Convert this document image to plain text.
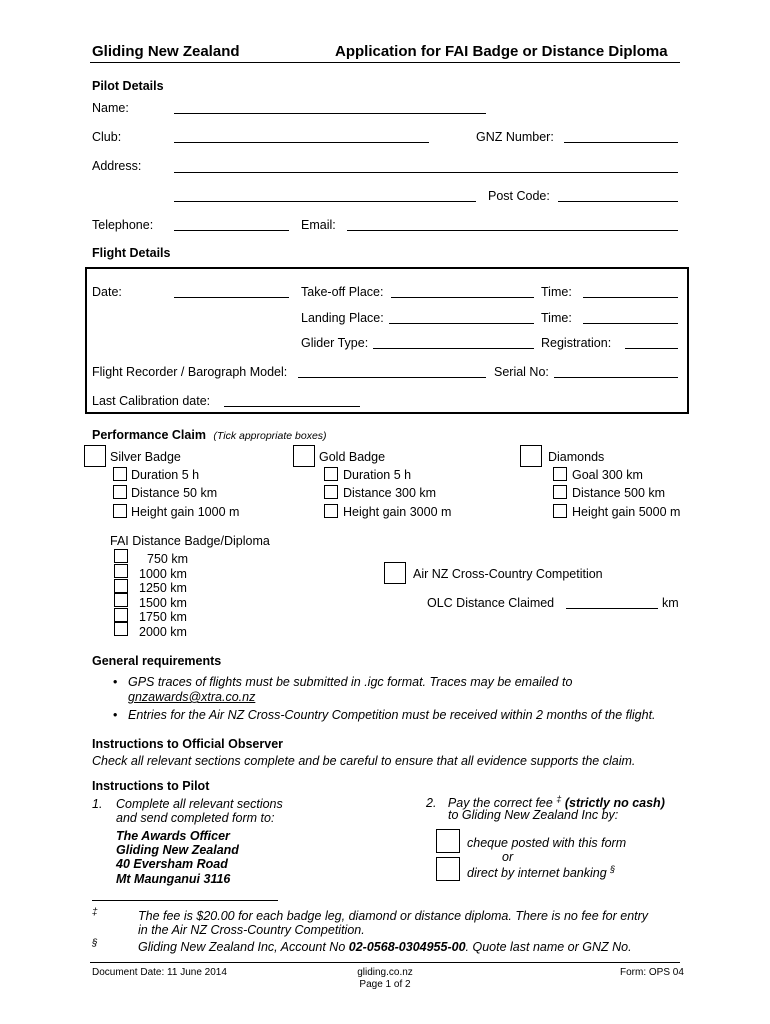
Gliding New Zealand	Application for FAI Badge or Distance Diploma
Pilot Details
Name:
Club:	GNZ Number:
Address:
Post Code:
Telephone:	Email:
Flight Details
Date:	Take-off Place:	Time:
Landing Place:	Time:
Glider Type:	Registration:
Flight Recorder / Barograph Model:	Serial No:
Last Calibration date:
Performance Claim (Tick appropriate boxes)
Silver Badge
Duration 5 h
Distance 50 km
Height gain 1000 m
Gold Badge
Duration 5 h
Distance 300 km
Height gain 3000 m
Diamonds
Goal 300 km
Distance 500 km
Height gain 5000 m
FAI Distance Badge/Diploma
750 km
1000 km
1250 km
1500 km
1750 km
2000 km
Air NZ Cross-Country Competition
OLC Distance Claimed	km
General requirements
• GPS traces of flights must be submitted in .igc format. Traces may be emailed to
gnzawards@xtra.co.nz
• Entries for the Air NZ Cross-Country Competition must be received within 2 months of the flight.
Instructions to Official Observer
Check all relevant sections complete and be careful to ensure that all evidence supports the claim.
Instructions to Pilot
1. Complete all relevant sections
and send completed form to:
The Awards Officer
Gliding New Zealand
40 Eversham Road
Mt Maunganui 3116
2. Pay the correct fee ‡ (strictly no cash)
to Gliding New Zealand Inc by:
cheque posted with this form
or
direct by internet banking §
‡	The fee is $20.00 for each badge leg, diamond or distance diploma. There is no fee for entry
in the Air NZ Cross-Country Competition.
§	Gliding New Zealand Inc, Account No 02-0568-0304955-00. Quote last name or GNZ No.
Document Date: 11 June 2014	gliding.co.nz
Page 1 of 2
Form: OPS 04
